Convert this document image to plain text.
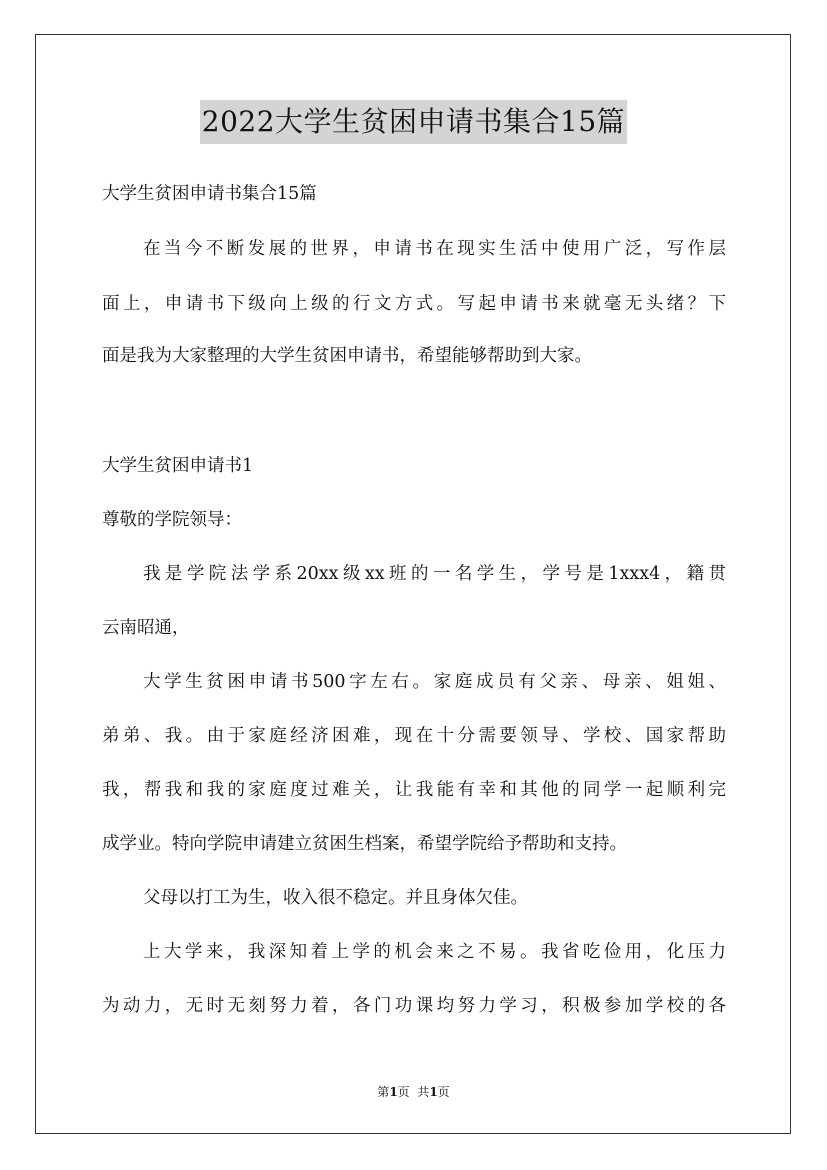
2022大学生贫困申请书集合15篇
大学生贫困申请书集合15篇
在当今不断发展的世界，申请书在现实生活中使用广泛，写作层
面上，申请书下级向上级的行文方式。写起申请书来就毫无头绪？下
面是我为大家整理的大学生贫困申请书，希望能够帮助到大家。
大学生贫困申请书1
尊敬的学院领导：
我是学院法学系20xx级xx班的一名学生，学号是1xxx4，籍贯
云南昭通，
大学生贫困申请书500字左右。家庭成员有父亲、母亲、姐姐、
弟弟、我。由于家庭经济困难，现在十分需要领导、学校、国家帮助
我，帮我和我的家庭度过难关，让我能有幸和其他的同学一起顺利完
成学业。特向学院申请建立贫困生档案，希望学院给予帮助和支持。
父母以打工为生，收入很不稳定。并且身体欠佳。
上大学来，我深知着上学的机会来之不易。我省吃俭用，化压力
为动力，无时无刻努力着，各门功课均努力学习，积极参加学校的各
第1页  共1页
